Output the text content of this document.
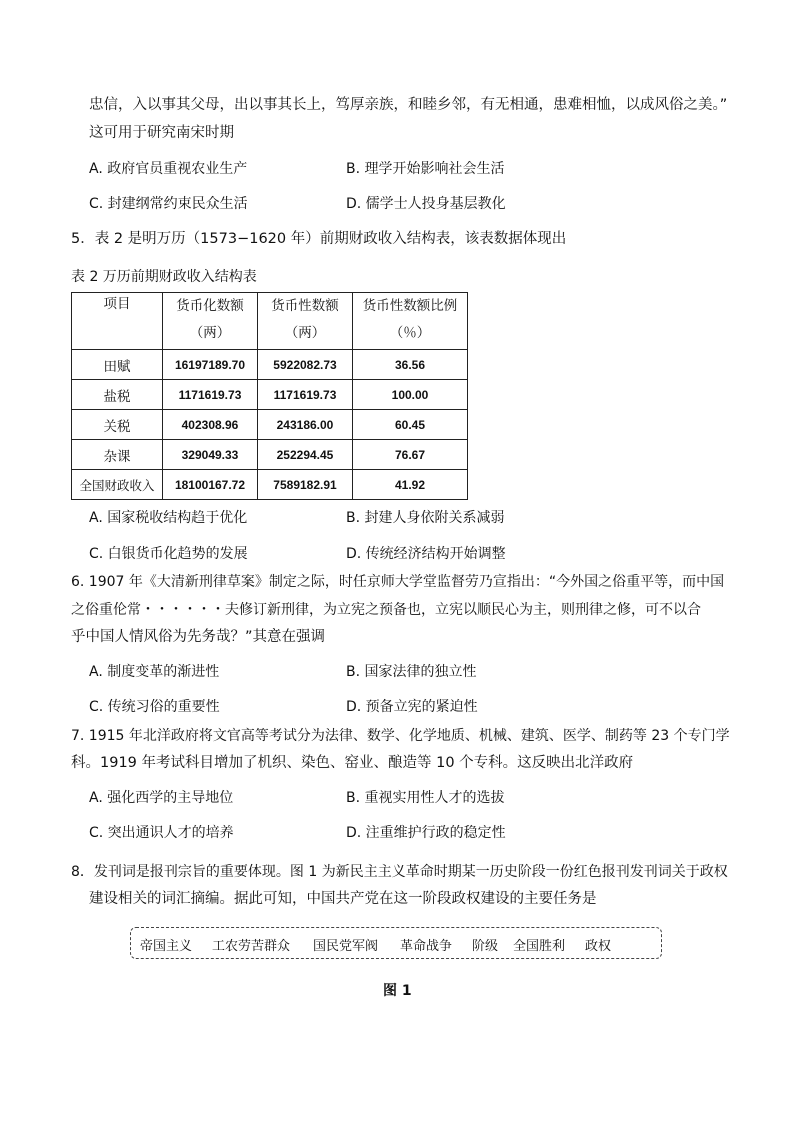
忠信，入以事其父母，出以事其长上，笃厚亲族，和睦乡邻，有无相通，患难相恤，以成风俗之美。”
这可用于研究南宋时期
A. 政府官员重视农业生产	B. 理学开始影响社会生活
C. 封建纲常约束民众生活	D. 儒学士人投身基层教化
5．表 2 是明万历（1573−1620 年）前期财政收入结构表，该表数据体现出
表 2 万历前期财政收入结构表
项目	货币化数额（两）	货币性数额（两）	货币性数额比例（％）

田赋	16197189.70	5922082.73	36.56
盐税	1171619.73	1171619.73	100.00
关税	402308.96	243186.00	60.45
杂课	329049.33	252294.45	76.67
全国财政收入	18100167.72	7589182.91	41.92
A. 国家税收结构趋于优化	B. 封建人身依附关系减弱
C. 白银货币化趋势的发展	D. 传统经济结构开始调整
6. 1907 年《大清新刑律草案》制定之际，时任京师大学堂监督劳乃宣指出：“今外国之俗重平等，而中国
之俗重伦常・・・・・・夫修订新刑律，为立宪之预备也，立宪以顺民心为主，则刑律之修，可不以合
乎中国人情风俗为先务哉？”其意在强调
A. 制度变革的渐进性	B. 国家法律的独立性
C. 传统习俗的重要性	D. 预备立宪的紧迫性
7. 1915 年北洋政府将文官高等考试分为法律、数学、化学地质、机械、建筑、医学、制药等 23 个专门学
科。1919 年考试科目增加了机织、染色、窑业、酿造等 10 个专科。这反映出北洋政府
A. 强化西学的主导地位	B. 重视实用性人才的选拔
C. 突出通识人才的培养	D. 注重维护行政的稳定性
8．发刊词是报刊宗旨的重要体现。图 1 为新民主主义革命时期某一历史阶段一份红色报刊发刊词关于政权
建设相关的词汇摘编。据此可知，中国共产党在这一阶段政权建设的主要任务是
帝国主义 工农劳苦群众 国民党军阀 革命战争 阶级 全国胜利 政权
图 1
